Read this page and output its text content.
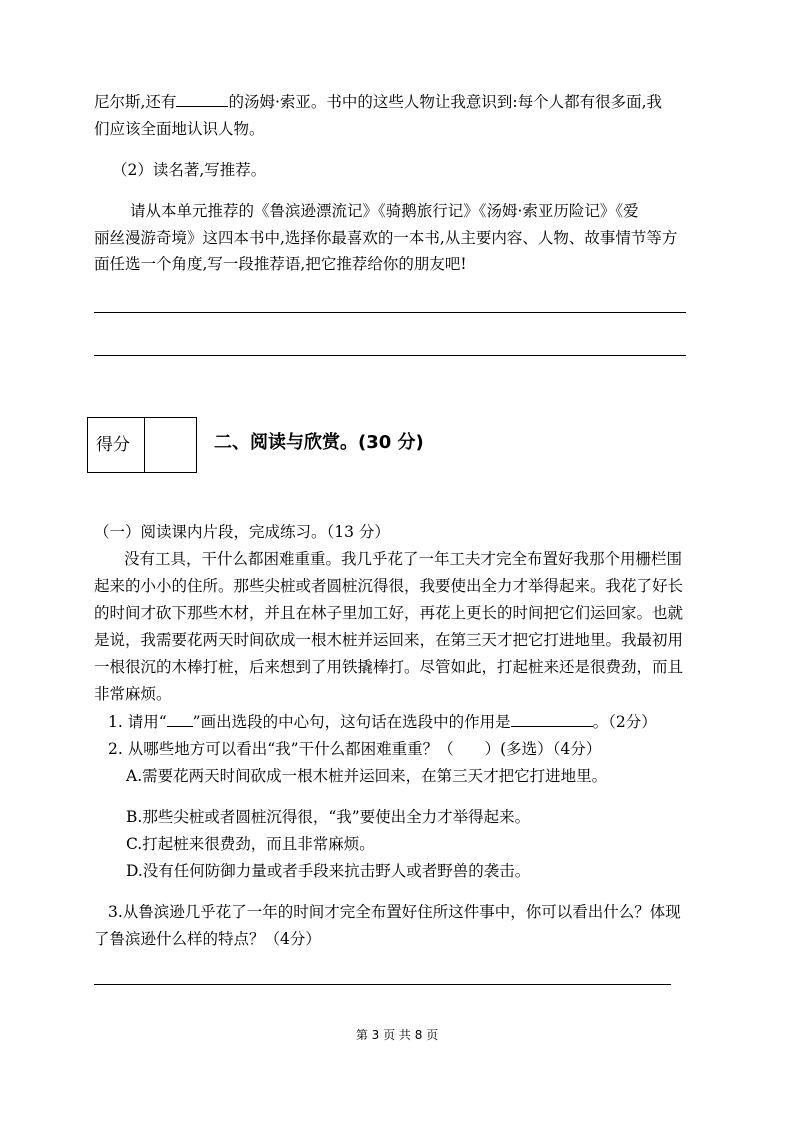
尼尔斯,还有	的汤姆·索亚。书中的这些人物让我意识到:每个人都有很多面,我
们应该全面地认识人物。
（2）读名著,写推荐。
请从本单元推荐的《鲁滨逊漂流记》《骑鹅旅行记》《汤姆·索亚历险记》《爱
丽丝漫游奇境》这四本书中,选择你最喜欢的一本书,从主要内容、人物、故事情节等方
面任选一个角度,写一段推荐语,把它推荐给你的朋友吧!
得分	二、阅读与欣赏。(30 分)
（一）阅读课内片段，完成练习。（13 分）
没有工具，干什么都困难重重。我几乎花了一年工夫才完全布置好我那个用栅栏围
起来的小小的住所。那些尖桩或者圆桩沉得很，我要使出全力才举得起来。我花了好长
的时间才砍下那些木材，并且在林子里加工好，再花上更长的时间把它们运回家。也就
是说，我需要花两天时间砍成一根木桩并运回来，在第三天才把它打进地里。我最初用
一根很沉的木棒打桩，后来想到了用铁撬棒打。尽管如此，打起桩来还是很费劲，而且
非常麻烦。
1. 请用“ ”画出选段的中心句，这句话在选段中的作用是	。（2分）
2. 从哪些地方可以看出“我”干什么都困难重重？（　　）(多选）（4分）
A.需要花两天时间砍成一根木桩并运回来，在第三天才把它打进地里。
B.那些尖桩或者圆桩沉得很，“我”要使出全力才举得起来。
C.打起桩来很费劲，而且非常麻烦。
D.没有任何防御力量或者手段来抗击野人或者野兽的袭击。
3.从鲁滨逊几乎花了一年的时间才完全布置好住所这件事中，你可以看出什么？体现
了鲁滨逊什么样的特点？（4分）
第 3 页 共 8 页
